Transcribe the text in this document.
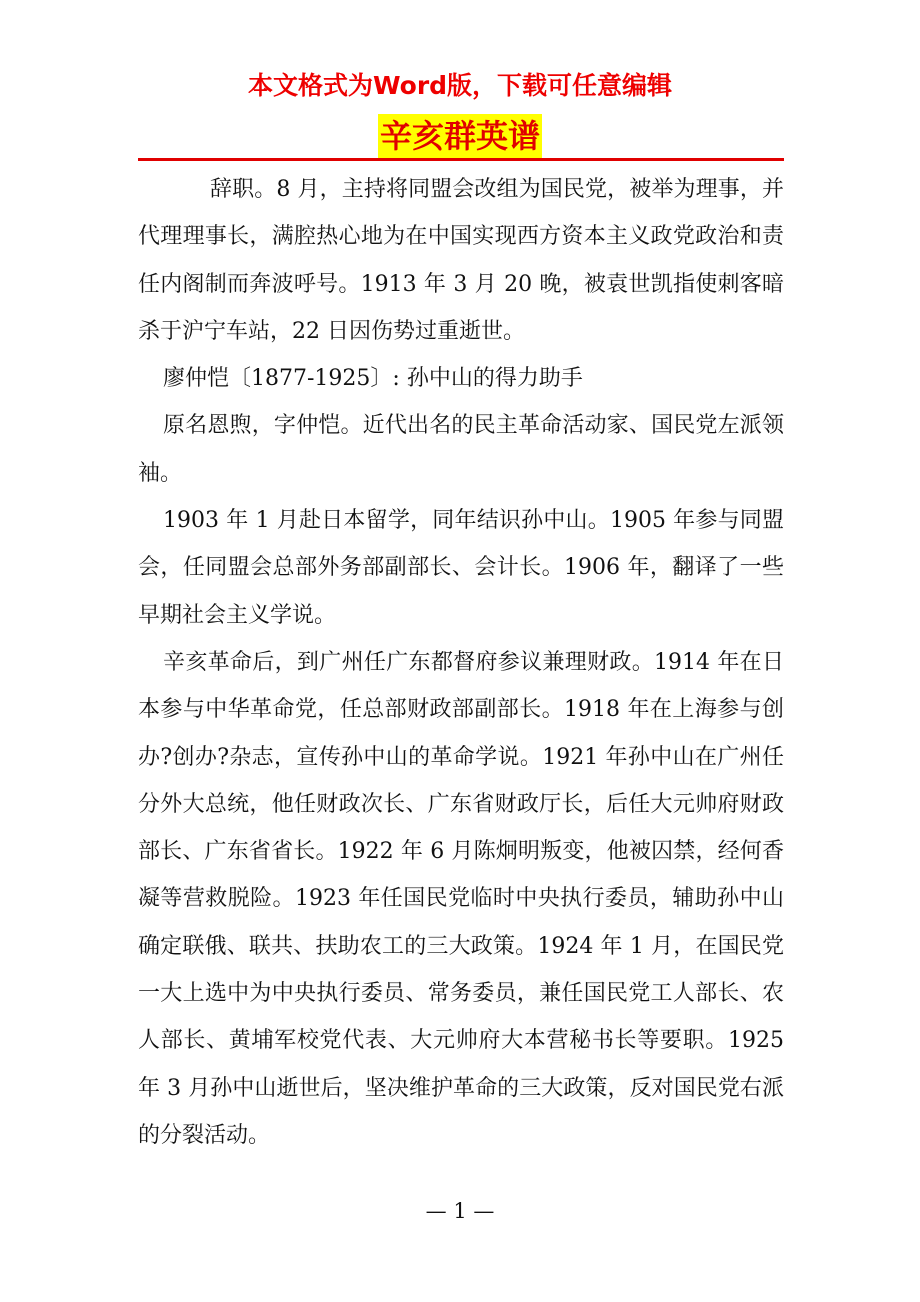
本文格式为Word版，下载可任意编辑
辛亥群英谱

辞职。8 月，主持将同盟会改组为国民党，被举为理事，并代理理事长，满腔热心地为在中国实现西方资本主义政党政治和责任内阁制而奔波呼号。1913 年 3 月 20 晚，被袁世凯指使刺客暗杀于沪宁车站，22 日因伤势过重逝世。

廖仲恺〔1877-1925〕: 孙中山的得力助手

原名恩煦，字仲恺。近代出名的民主革命活动家、国民党左派领袖。

1903 年 1 月赴日本留学，同年结识孙中山。1905 年参与同盟会，任同盟会总部外务部副部长、会计长。1906 年，翻译了一些早期社会主义学说。

辛亥革命后，到广州任广东都督府参议兼理财政。1914 年在日本参与中华革命党，任总部财政部副部长。1918 年在上海参与创办?创办?杂志，宣传孙中山的革命学说。1921 年孙中山在广州任分外大总统，他任财政次长、广东省财政厅长，后任大元帅府财政部长、广东省省长。1922 年 6 月陈炯明叛变，他被囚禁，经何香凝等营救脱险。1923 年任国民党临时中央执行委员，辅助孙中山确定联俄、联共、扶助农工的三大政策。1924 年 1 月，在国民党一大上选中为中央执行委员、常务委员，兼任国民党工人部长、农人部长、黄埔军校党代表、大元帅府大本营秘书长等要职。1925 年 3 月孙中山逝世后，坚决维护革命的三大政策，反对国民党右派的分裂活动。

— 1 —
